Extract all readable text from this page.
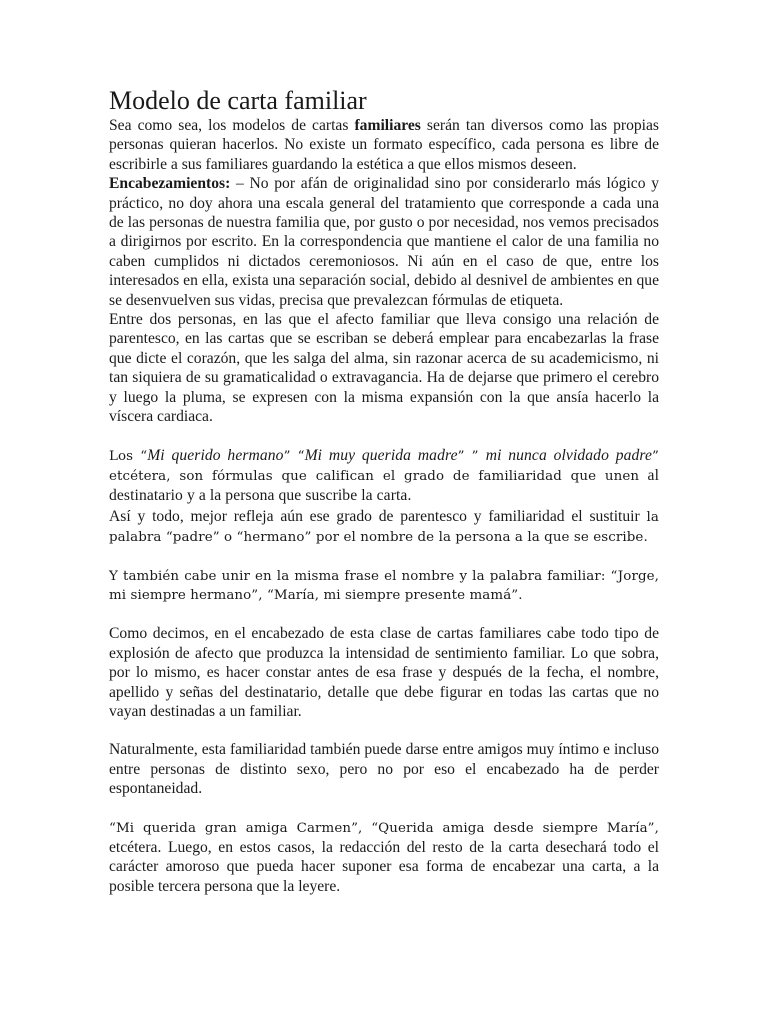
Modelo de carta familiar

Sea como sea, los modelos de cartas familiares serán tan diversos como las propias personas quieran hacerlos. No existe un formato específico, cada persona es libre de escribirle a sus familiares guardando la estética a que ellos mismos deseen.

Encabezamientos: – No por afán de originalidad sino por considerarlo más lógico y práctico, no doy ahora una escala general del tratamiento que corresponde a cada una de las personas de nuestra familia que, por gusto o por necesidad, nos vemos precisados a dirigirnos por escrito. En la correspondencia que mantiene el calor de una familia no caben cumplidos ni dictados ceremoniosos. Ni aún en el caso de que, entre los interesados en ella, exista una separación social, debido al desnivel de ambientes en que se desenvuelven sus vidas, precisa que prevalezcan fórmulas de etiqueta.

Entre dos personas, en las que el afecto familiar que lleva consigo una relación de parentesco, en las cartas que se escriban se deberá emplear para encabezarlas la frase que dicte el corazón, que les salga del alma, sin razonar acerca de su academicismo, ni tan siquiera de su gramaticalidad o extravagancia. Ha de dejarse que primero el cerebro y luego la pluma, se expresen con la misma expansión con la que ansía hacerlo la víscera cardiaca.

Los “Mi querido hermano” “Mi muy querida madre” ” mi nunca olvidado padre” etcétera, son fórmulas que califican el grado de familiaridad que unen al destinatario y a la persona que suscribe la carta.

Así y todo, mejor refleja aún ese grado de parentesco y familiaridad el sustituir la palabra “padre” o “hermano” por el nombre de la persona a la que se escribe.

Y también cabe unir en la misma frase el nombre y la palabra familiar: “Jorge, mi siempre hermano”, “María, mi siempre presente mamá”.

Como decimos, en el encabezado de esta clase de cartas familiares cabe todo tipo de explosión de afecto que produzca la intensidad de sentimiento familiar. Lo que sobra, por lo mismo, es hacer constar antes de esa frase y después de la fecha, el nombre, apellido y señas del destinatario, detalle que debe figurar en todas las cartas que no vayan destinadas a un familiar.

Naturalmente, esta familiaridad también puede darse entre amigos muy íntimo e incluso entre personas de distinto sexo, pero no por eso el encabezado ha de perder espontaneidad.

“Mi querida gran amiga Carmen”, “Querida amiga desde siempre María”, etcétera. Luego, en estos casos, la redacción del resto de la carta desechará todo el carácter amoroso que pueda hacer suponer esa forma de encabezar una carta, a la posible tercera persona que la leyere.
